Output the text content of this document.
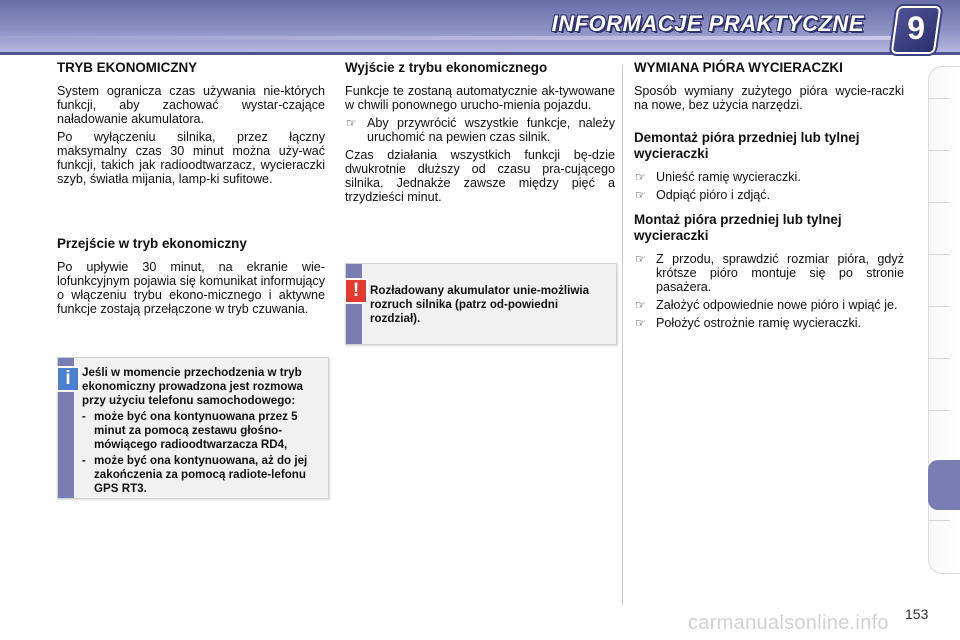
INFORMACJE PRAKTYCZNE	9
TRYB EKONOMICZNY

System ogranicza czas używania nie-których funkcji, aby zachować wystar-czające naładowanie akumulatora.

Po wyłączeniu silnika, przez łączny maksymalny czas 30 minut można uży-wać funkcji, takich jak radioodtwarzacz, wycieraczki szyb, światła mijania, lamp-ki sufitowe.

Przejście w tryb ekonomiczny

Po upływie 30 minut, na ekranie wie-lofunkcyjnym pojawia się komunikat informujący o włączeniu trybu ekono-micznego i aktywne funkcje zostają przełączone w tryb czuwania.

i Jeśli w momencie przechodzenia w tryb ekonomiczny prowadzona jest rozmowa przy użyciu telefonu samochodowego:
- może być ona kontynuowana przez 5 minut za pomocą zestawu głośno-mówiącego radioodtwarzacza RD4,
- może być ona kontynuowana, aż do jej zakończenia za pomocą radiote-lefonu GPS RT3.
Wyjście z trybu ekonomicznego

Funkcje te zostaną automatycznie ak-tywowane w chwili ponownego urucho-mienia pojazdu.

☞ Aby przywrócić wszystkie funkcje, należy uruchomić na pewien czas silnik.

Czas działania wszystkich funkcji bę-dzie dwukrotnie dłuższy od czasu pra-cującego silnika. Jednakże zawsze między pięć a trzydzieści minut.

! Rozładowany akumulator unie-możliwia rozruch silnika (patrz od-powiedni rozdział).
WYMIANA PIÓRA WYCIERACZKI

Sposób wymiany zużytego pióra wycie-raczki na nowe, bez użycia narzędzi.

Demontaż pióra przedniej lub tylnej wycieraczki
☞ Unieść ramię wycieraczki.
☞ Odpiąć pióro i zdjąć.
Montaż pióra przedniej lub tylnej wycieraczki
☞ Z przodu, sprawdzić rozmiar pióra, gdyż krótsze pióro montuje się po stronie pasażera.
☞ Założyć odpowiednie nowe pióro i wpiąć je.
☞ Położyć ostrożnie ramię wycieraczki.
153
carmanualsonline.info
